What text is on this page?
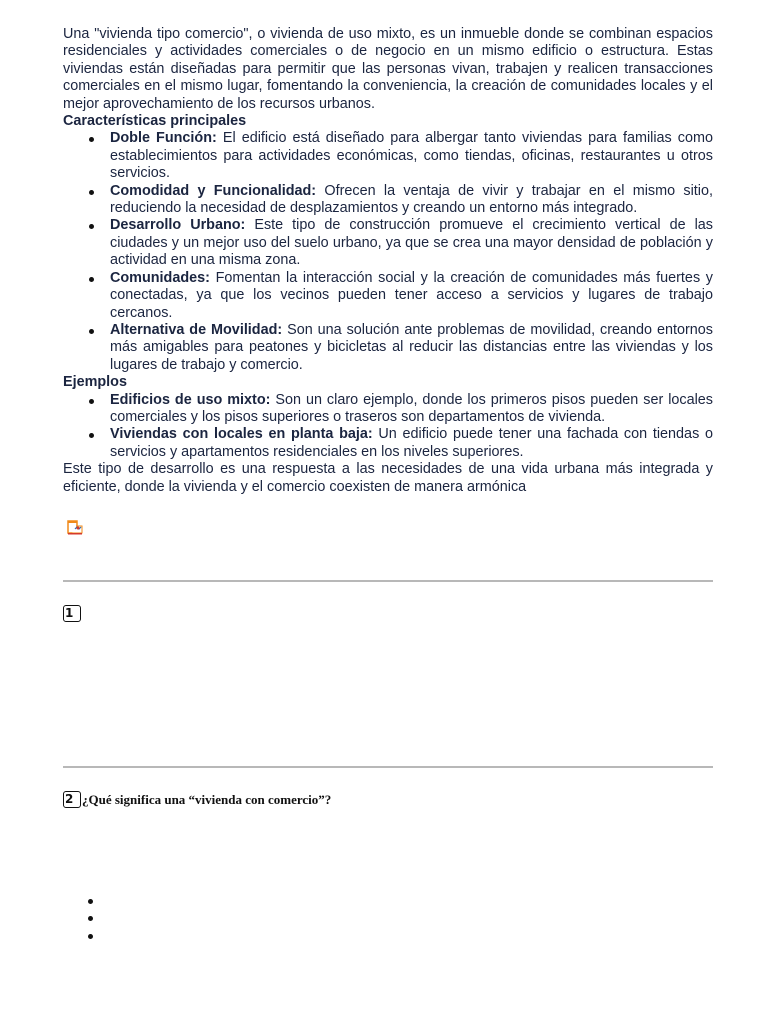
Una "vivienda tipo comercio", o vivienda de uso mixto, es un inmueble donde se combinan espacios residenciales y actividades comerciales o de negocio en un mismo edificio o estructura. Estas viviendas están diseñadas para permitir que las personas vivan, trabajen y realicen transacciones comerciales en el mismo lugar, fomentando la conveniencia, la creación de comunidades locales y el mejor aprovechamiento de los recursos urbanos.

Características principales

Doble Función: El edificio está diseñado para albergar tanto viviendas para familias como establecimientos para actividades económicas, como tiendas, oficinas, restaurantes u otros servicios.
Comodidad y Funcionalidad: Ofrecen la ventaja de vivir y trabajar en el mismo sitio, reduciendo la necesidad de desplazamientos y creando un entorno más integrado.
Desarrollo Urbano: Este tipo de construcción promueve el crecimiento vertical de las ciudades y un mejor uso del suelo urbano, ya que se crea una mayor densidad de población y actividad en una misma zona.
Comunidades: Fomentan la interacción social y la creación de comunidades más fuertes y conectadas, ya que los vecinos pueden tener acceso a servicios y lugares de trabajo cercanos.
Alternativa de Movilidad: Son una solución ante problemas de movilidad, creando entornos más amigables para peatones y bicicletas al reducir las distancias entre las viviendas y los lugares de trabajo y comercio.

Ejemplos

Edificios de uso mixto: Son un claro ejemplo, donde los primeros pisos pueden ser locales comerciales y los pisos superiores o traseros son departamentos de vivienda.
Viviendas con locales en planta baja: Un edificio puede tener una fachada con tiendas o servicios y apartamentos residenciales en los niveles superiores.

Este tipo de desarrollo es una respuesta a las necesidades de una vida urbana más integrada y eficiente, donde la vivienda y el comercio coexisten de manera armónica

1
2 ¿Qué significa una “vivienda con comercio”?
